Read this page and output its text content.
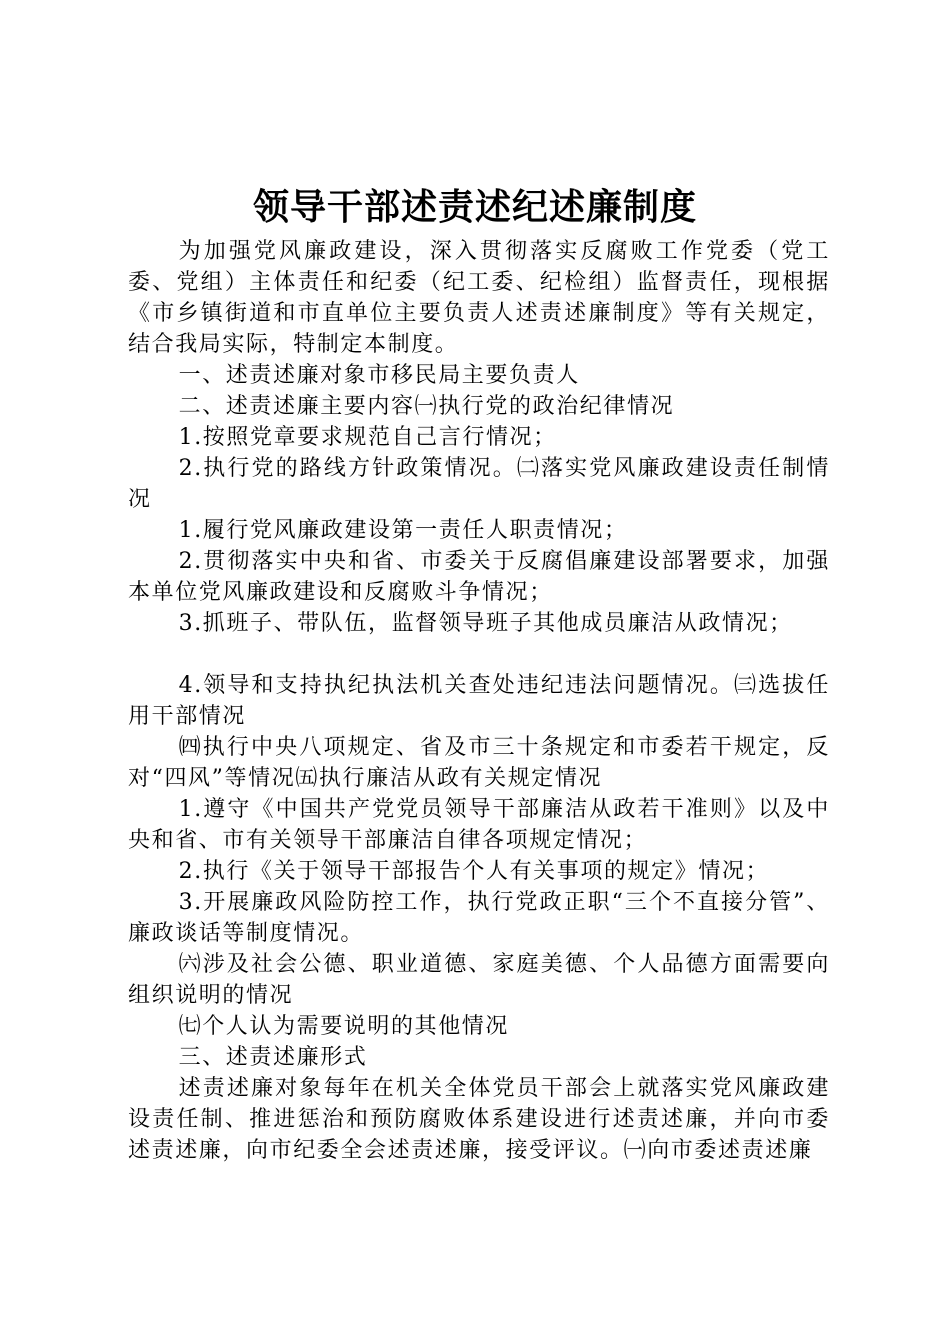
领导干部述责述纪述廉制度

为加强党风廉政建设，深入贯彻落实反腐败工作党委（党工委、党组）主体责任和纪委（纪工委、纪检组）监督责任，现根据《市乡镇街道和市直单位主要负责人述责述廉制度》等有关规定，结合我局实际，特制定本制度。

一、述责述廉对象市移民局主要负责人

二、述责述廉主要内容㈠执行党的政治纪律情况

1.按照党章要求规范自己言行情况；

2.执行党的路线方针政策情况。㈡落实党风廉政建设责任制情况

1.履行党风廉政建设第一责任人职责情况；

2.贯彻落实中央和省、市委关于反腐倡廉建设部署要求，加强本单位党风廉政建设和反腐败斗争情况；

3.抓班子、带队伍，监督领导班子其他成员廉洁从政情况；

4.领导和支持执纪执法机关查处违纪违法问题情况。㈢选拔任用干部情况

㈣执行中央八项规定、省及市三十条规定和市委若干规定，反对“四风”等情况㈤执行廉洁从政有关规定情况

1.遵守《中国共产党党员领导干部廉洁从政若干准则》以及中央和省、市有关领导干部廉洁自律各项规定情况；

2.执行《关于领导干部报告个人有关事项的规定》情况；

3.开展廉政风险防控工作，执行党政正职“三个不直接分管”、廉政谈话等制度情况。

㈥涉及社会公德、职业道德、家庭美德、个人品德方面需要向组织说明的情况

㈦个人认为需要说明的其他情况

三、述责述廉形式

述责述廉对象每年在机关全体党员干部会上就落实党风廉政建设责任制、推进惩治和预防腐败体系建设进行述责述廉，并向市委述责述廉，向市纪委全会述责述廉，接受评议。㈠向市委述责述廉
